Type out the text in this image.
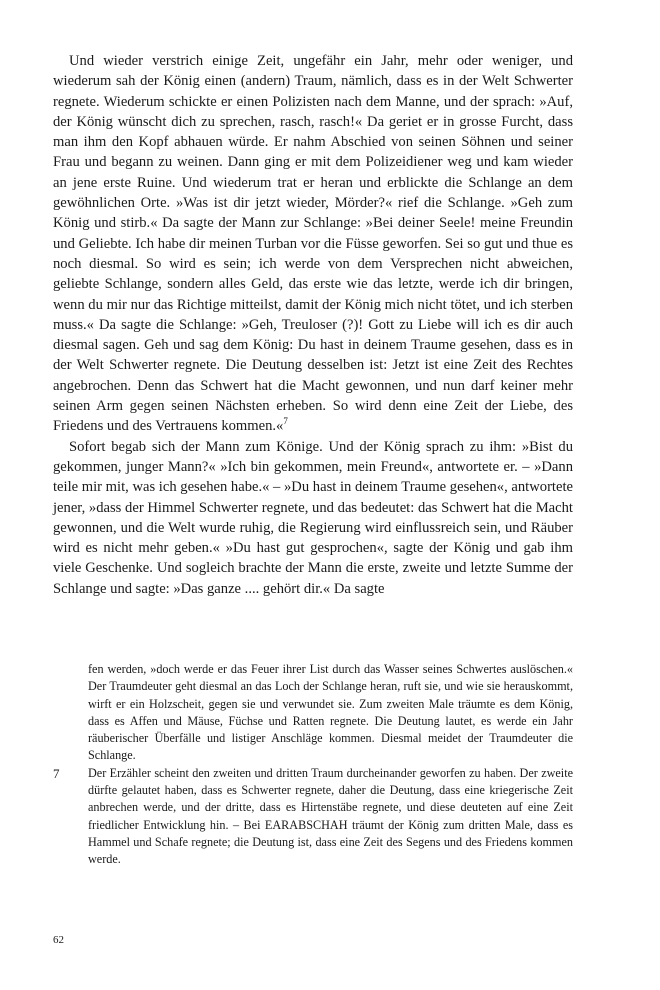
Und wieder verstrich einige Zeit, ungefähr ein Jahr, mehr oder weniger, und wiederum sah der König einen (andern) Traum, nämlich, dass es in der Welt Schwerter regnete. Wiederum schickte er einen Polizisten nach dem Manne, und der sprach: »Auf, der König wünscht dich zu sprechen, rasch, rasch!« Da geriet er in grosse Furcht, dass man ihm den Kopf abhauen würde. Er nahm Abschied von seinen Söhnen und seiner Frau und begann zu weinen. Dann ging er mit dem Polizeidiener weg und kam wieder an jene erste Ruine. Und wiederum trat er heran und erblickte die Schlange an dem gewöhnlichen Orte. »Was ist dir jetzt wieder, Mörder?« rief die Schlange. »Geh zum König und stirb.« Da sagte der Mann zur Schlange: »Bei deiner Seele! meine Freundin und Geliebte. Ich habe dir meinen Turban vor die Füsse geworfen. Sei so gut und thue es noch diesmal. So wird es sein; ich werde von dem Versprechen nicht abweichen, geliebte Schlange, sondern alles Geld, das erste wie das letzte, werde ich dir bringen, wenn du mir nur das Richtige mitteilst, damit der König mich nicht tötet, und ich sterben muss.« Da sagte die Schlange: »Geh, Treuloser (?)! Gott zu Liebe will ich es dir auch diesmal sagen. Geh und sag dem König: Du hast in deinem Traume gesehen, dass es in der Welt Schwerter regnete. Die Deutung desselben ist: Jetzt ist eine Zeit des Rechtes angebrochen. Denn das Schwert hat die Macht gewonnen, und nun darf keiner mehr seinen Arm gegen seinen Nächsten erheben. So wird denn eine Zeit der Liebe, des Friedens und des Vertrauens kommen.«$^7$

Sofort begab sich der Mann zum Könige. Und der König sprach zu ihm: »Bist du gekommen, junger Mann?« »Ich bin gekommen, mein Freund«, antwortete er. – »Dann teile mir mit, was ich gesehen habe.« – »Du hast in deinem Traume gesehen«, antwortete jener, »dass der Himmel Schwerter regnete, und das bedeutet: das Schwert hat die Macht gewonnen, und die Welt wurde ruhig, die Regierung wird einflussreich sein, und Räuber wird es nicht mehr geben.« »Du hast gut gesprochen«, sagte der König und gab ihm viele Geschenke. Und sogleich brachte der Mann die erste, zweite und letzte Summe der Schlange und sagte: »Das ganze .... gehört dir.« Da sagte

fen werden, »doch werde er das Feuer ihrer List durch das Wasser seines Schwertes auslöschen.« Der Traumdeuter geht diesmal an das Loch der Schlange heran, ruft sie, und wie sie herauskommt, wirft er ein Holzscheit, gegen sie und verwundet sie. Zum zweiten Male träumte es dem König, dass es Affen und Mäuse, Füchse und Ratten regnete. Die Deutung lautet, es werde ein Jahr räuberischer Überfälle und listiger Anschläge kommen. Diesmal meidet der Traumdeuter die Schlange.

7 Der Erzähler scheint den zweiten und dritten Traum durcheinander geworfen zu haben. Der zweite dürfte gelautet haben, dass es Schwerter regnete, daher die Deutung, dass eine kriegerische Zeit anbrechen werde, und der dritte, dass es Hirtenstäbe regnete, und diese deuteten auf eine Zeit friedlicher Entwicklung hin. – Bei EARABSCHAH träumt der König zum dritten Male, dass es Hammel und Schafe regnete; die Deutung ist, dass eine Zeit des Segens und des Friedens kommen werde.

62
